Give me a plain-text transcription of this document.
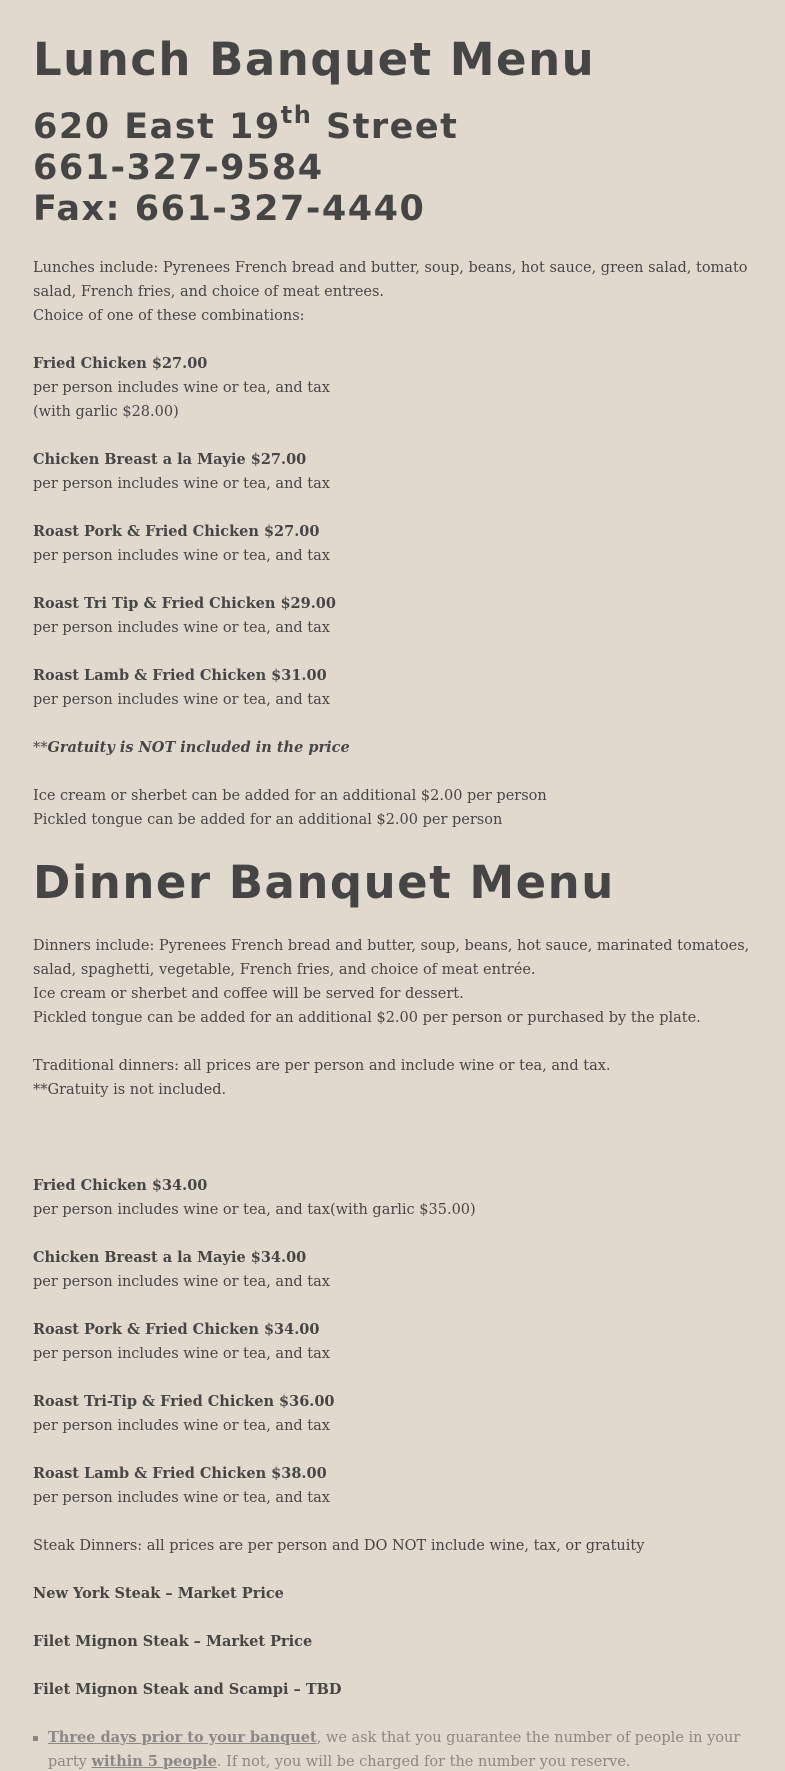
Lunch Banquet Menu
620 East 19th Street
661-327-9584
Fax: 661-327-4440

Lunches include: Pyrenees French bread and butter, soup, beans, hot sauce, green salad, tomato salad, French fries, and choice of meat entrees.

Choice of one of these combinations:

Fried Chicken $27.00

per person includes wine or tea, and tax

(with garlic $28.00)

Chicken Breast a la Mayie $27.00

per person includes wine or tea, and tax

Roast Pork & Fried Chicken $27.00

per person includes wine or tea, and tax

Roast Tri Tip & Fried Chicken $29.00

per person includes wine or tea, and tax

Roast Lamb & Fried Chicken $31.00

per person includes wine or tea, and tax

**Gratuity is NOT included in the price

Ice cream or sherbet can be added for an additional $2.00 per person

Pickled tongue can be added for an additional $2.00 per person

Dinner Banquet Menu

Dinners include: Pyrenees French bread and butter, soup, beans, hot sauce, marinated tomatoes, salad, spaghetti, vegetable, French fries, and choice of meat entrée.

Ice cream or sherbet and coffee will be served for dessert.

Pickled tongue can be added for an additional $2.00 per person or purchased by the plate.

Traditional dinners: all prices are per person and include wine or tea, and tax.

**Gratuity is not included.

Fried Chicken $34.00

per person includes wine or tea, and tax(with garlic $35.00)

Chicken Breast a la Mayie $34.00

per person includes wine or tea, and tax

Roast Pork & Fried Chicken $34.00

per person includes wine or tea, and tax

Roast Tri-Tip & Fried Chicken $36.00

per person includes wine or tea, and tax

Roast Lamb & Fried Chicken $38.00

per person includes wine or tea, and tax

Steak Dinners: all prices are per person and DO NOT include wine, tax, or gratuity

New York Steak – Market Price

Filet Mignon Steak – Market Price

Filet Mignon Steak and Scampi – TBD

Three days prior to your banquet, we ask that you guarantee the number of people in your party within 5 people. If not, you will be charged for the number you reserve.
